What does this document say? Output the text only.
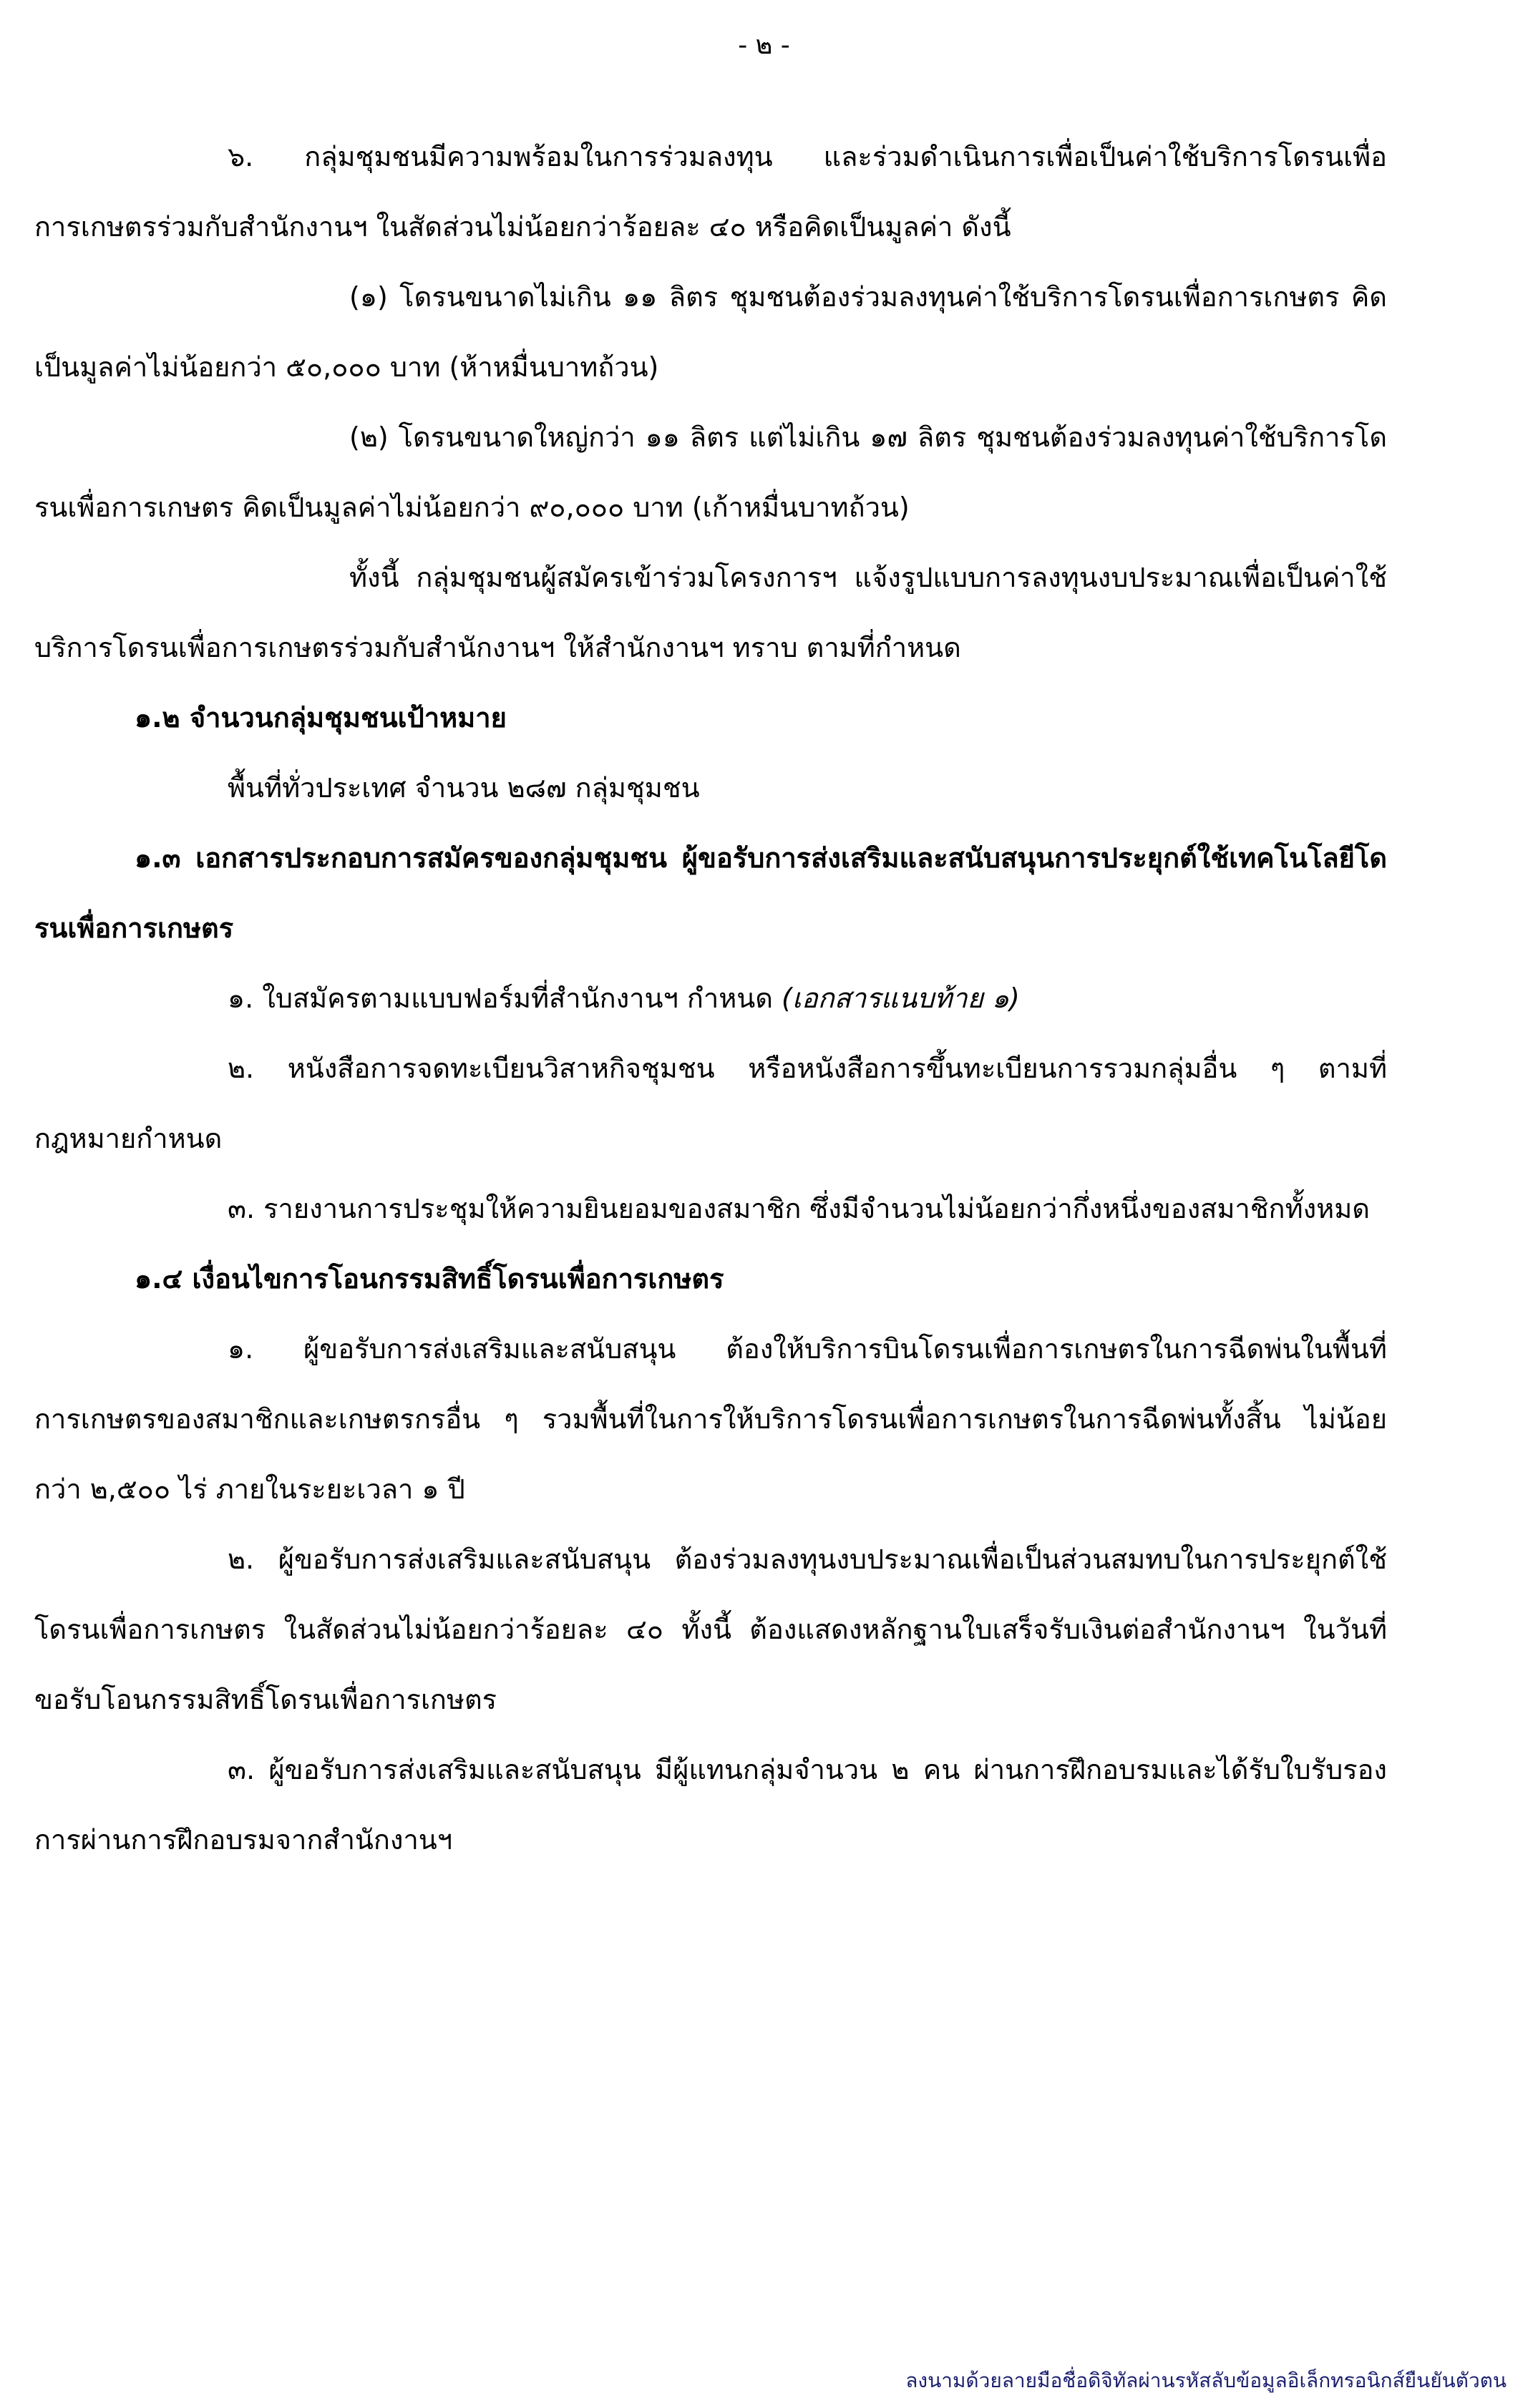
- ๒ -

๖. กลุ่มชุมชนมีความพร้อมในการร่วมลงทุน และร่วมดำเนินการเพื่อเป็นค่าใช้บริการโดรนเพื่อการเกษตรร่วมกับสำนักงานฯ ในสัดส่วนไม่น้อยกว่าร้อยละ ๔๐ หรือคิดเป็นมูลค่า ดังนี้

(๑) โดรนขนาดไม่เกิน ๑๑ ลิตร ชุมชนต้องร่วมลงทุนค่าใช้บริการโดรนเพื่อการเกษตร คิดเป็นมูลค่าไม่น้อยกว่า ๕๐,๐๐๐ บาท (ห้าหมื่นบาทถ้วน)

(๒) โดรนขนาดใหญ่กว่า ๑๑ ลิตร แต่ไม่เกิน ๑๗ ลิตร ชุมชนต้องร่วมลงทุนค่าใช้บริการโดรนเพื่อการเกษตร คิดเป็นมูลค่าไม่น้อยกว่า ๙๐,๐๐๐ บาท (เก้าหมื่นบาทถ้วน)

ทั้งนี้ กลุ่มชุมชนผู้สมัครเข้าร่วมโครงการฯ แจ้งรูปแบบการลงทุนงบประมาณเพื่อเป็นค่าใช้บริการโดรนเพื่อการเกษตรร่วมกับสำนักงานฯ ให้สำนักงานฯ ทราบ ตามที่กำหนด

๑.๒ จำนวนกลุ่มชุมชนเป้าหมาย

พื้นที่ทั่วประเทศ จำนวน ๒๘๗ กลุ่มชุมชน

๑.๓ เอกสารประกอบการสมัครของกลุ่มชุมชน ผู้ขอรับการส่งเสริมและสนับสนุนการประยุกต์ใช้เทคโนโลยีโดรนเพื่อการเกษตร

๑. ใบสมัครตามแบบฟอร์มที่สำนักงานฯ กำหนด (เอกสารแนบท้าย ๑)

๒. หนังสือการจดทะเบียนวิสาหกิจชุมชน หรือหนังสือการขึ้นทะเบียนการรวมกลุ่มอื่น ๆ ตามที่กฎหมายกำหนด

๓. รายงานการประชุมให้ความยินยอมของสมาชิก ซึ่งมีจำนวนไม่น้อยกว่ากึ่งหนึ่งของสมาชิกทั้งหมด

๑.๔ เงื่อนไขการโอนกรรมสิทธิ์โดรนเพื่อการเกษตร

๑. ผู้ขอรับการส่งเสริมและสนับสนุน ต้องให้บริการบินโดรนเพื่อการเกษตรในการฉีดพ่นในพื้นที่การเกษตรของสมาชิกและเกษตรกรอื่น ๆ รวมพื้นที่ในการให้บริการโดรนเพื่อการเกษตรในการฉีดพ่นทั้งสิ้น ไม่น้อยกว่า ๒,๕๐๐ ไร่ ภายในระยะเวลา ๑ ปี

๒. ผู้ขอรับการส่งเสริมและสนับสนุน ต้องร่วมลงทุนงบประมาณเพื่อเป็นส่วนสมทบในการประยุกต์ใช้โดรนเพื่อการเกษตร ในสัดส่วนไม่น้อยกว่าร้อยละ ๔๐ ทั้งนี้ ต้องแสดงหลักฐานใบเสร็จรับเงินต่อสำนักงานฯ ในวันที่ขอรับโอนกรรมสิทธิ์โดรนเพื่อการเกษตร

๓. ผู้ขอรับการส่งเสริมและสนับสนุน มีผู้แทนกลุ่มจำนวน ๒ คน ผ่านการฝึกอบรมและได้รับใบรับรองการผ่านการฝึกอบรมจากสำนักงานฯ

ลงนามด้วยลายมือชื่อดิจิทัลผ่านรหัสลับข้อมูลอิเล็กทรอนิกส์ยืนยันตัวตน
